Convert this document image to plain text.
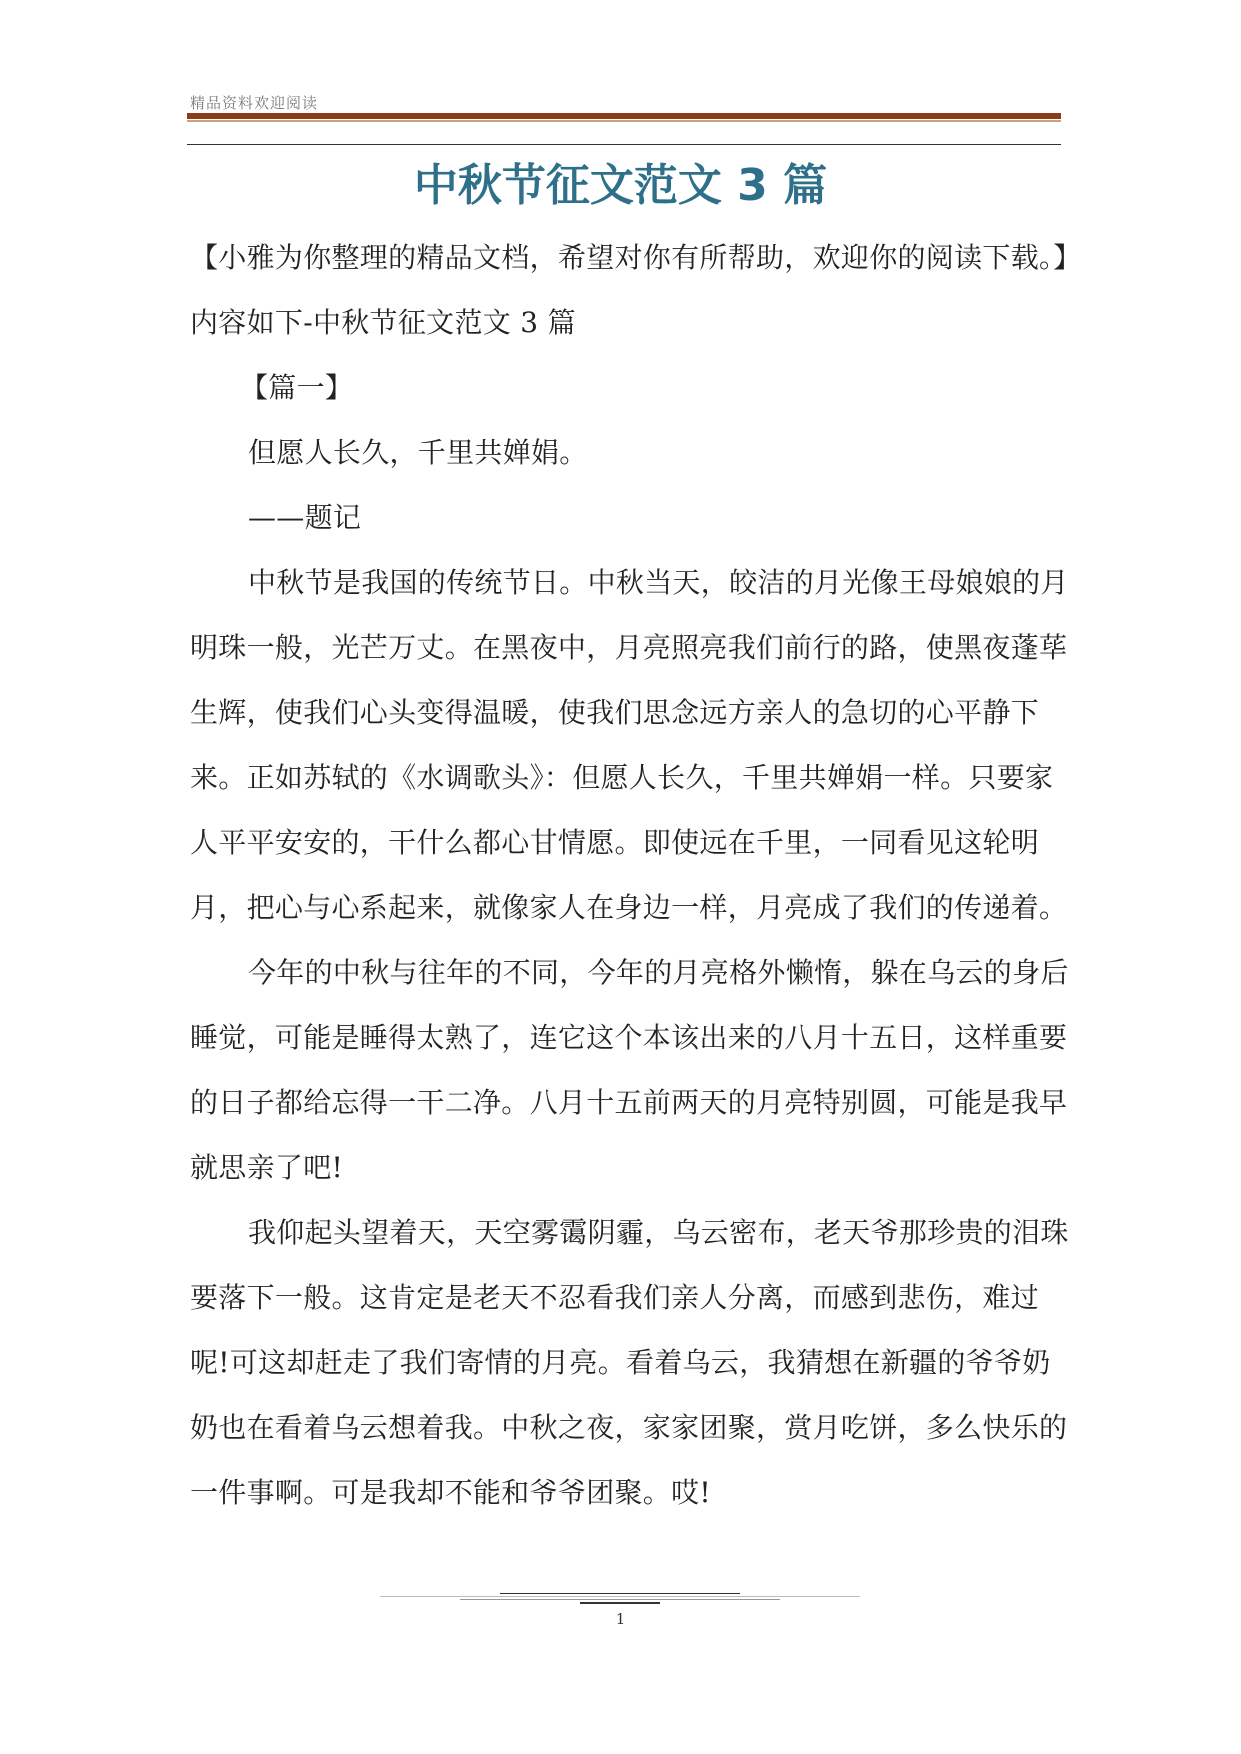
精品资料欢迎阅读
中秋节征文范文 3 篇

【小雅为你整理的精品文档，希望对你有所帮助，欢迎你的阅读下载。】内容如下-中秋节征文范文 3 篇

【篇一】

但愿人长久，千里共婵娟。

——题记

中秋节是我国的传统节日。中秋当天，皎洁的月光像王母娘娘的月明珠一般，光芒万丈。在黑夜中，月亮照亮我们前行的路，使黑夜蓬荜生辉，使我们心头变得温暖，使我们思念远方亲人的急切的心平静下来。正如苏轼的《水调歌头》：但愿人长久，千里共婵娟一样。只要家人平平安安的，干什么都心甘情愿。即使远在千里，一同看见这轮明月，把心与心系起来，就像家人在身边一样，月亮成了我们的传递着。

今年的中秋与往年的不同，今年的月亮格外懒惰，躲在乌云的身后睡觉，可能是睡得太熟了，连它这个本该出来的八月十五日，这样重要的日子都给忘得一干二净。八月十五前两天的月亮特别圆，可能是我早就思亲了吧!

我仰起头望着天，天空雾霭阴霾，乌云密布，老天爷那珍贵的泪珠要落下一般。这肯定是老天不忍看我们亲人分离，而感到悲伤，难过呢!可这却赶走了我们寄情的月亮。看着乌云，我猜想在新疆的爷爷奶奶也在看着乌云想着我。中秋之夜，家家团聚，赏月吃饼，多么快乐的一件事啊。可是我却不能和爷爷团聚。哎!

1
